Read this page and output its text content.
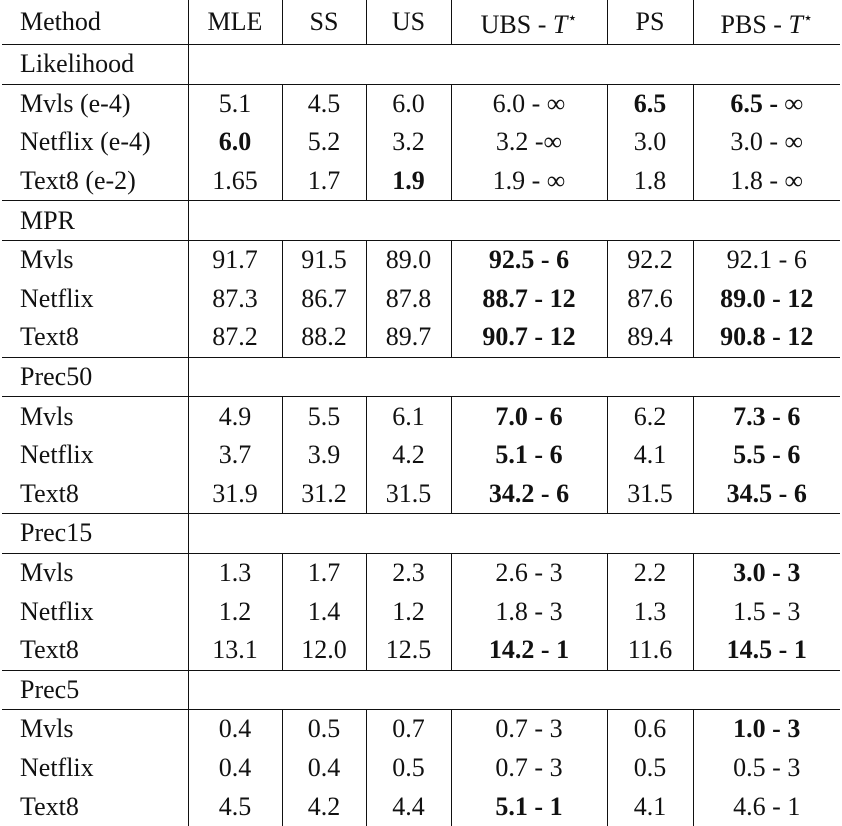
Method	MLE	SS	US	UBS - T⋆	PS	PBS - T⋆
Likelihood						
Mvls (e-4)	5.1	4.5	6.0	6.0 - ∞	6.5	6.5 - ∞
Netflix (e-4)	6.0	5.2	3.2	3.2 -∞	3.0	3.0 - ∞
Text8 (e-2)	1.65	1.7	1.9	1.9 - ∞	1.8	1.8 - ∞
MPR						
Mvls	91.7	91.5	89.0	92.5 - 6	92.2	92.1 - 6
Netflix	87.3	86.7	87.8	88.7 - 12	87.6	89.0 - 12
Text8	87.2	88.2	89.7	90.7 - 12	89.4	90.8 - 12
Prec50						
Mvls	4.9	5.5	6.1	7.0 - 6	6.2	7.3 - 6
Netflix	3.7	3.9	4.2	5.1 - 6	4.1	5.5 - 6
Text8	31.9	31.2	31.5	34.2 - 6	31.5	34.5 - 6
Prec15						
Mvls	1.3	1.7	2.3	2.6 - 3	2.2	3.0 - 3
Netflix	1.2	1.4	1.2	1.8 - 3	1.3	1.5 - 3
Text8	13.1	12.0	12.5	14.2 - 1	11.6	14.5 - 1
Prec5						
Mvls	0.4	0.5	0.7	0.7 - 3	0.6	1.0 - 3
Netflix	0.4	0.4	0.5	0.7 - 3	0.5	0.5 - 3
Text8	4.5	4.2	4.4	5.1 - 1	4.1	4.6 - 1
